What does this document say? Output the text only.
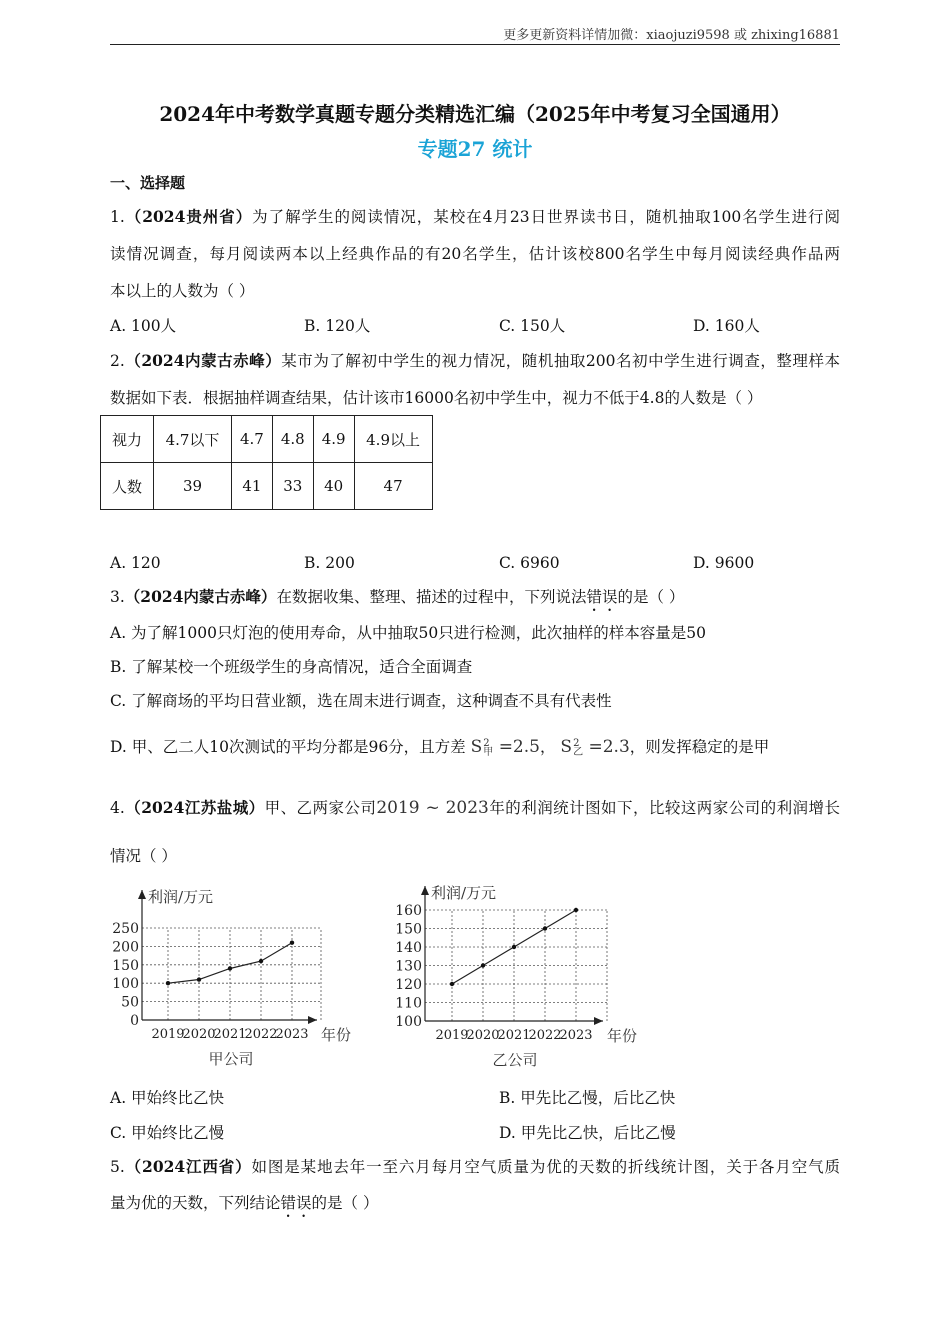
更多更新资料详情加微：xiaojuzi9598 或 zhixing16881
2024年中考数学真题专题分类精选汇编（2025年中考复习全国通用）
专题27 统计
一、选择题
1.（2024贵州省）为了解学生的阅读情况，某校在4月23日世界读书日，随机抽取100名学生进行阅
读情况调查，每月阅读两本以上经典作品的有20名学生，估计该校800名学生中每月阅读经典作品两
本以上的人数为（ ）
A. 100人	B. 120人	C. 150人	D. 160人
2.（2024内蒙古赤峰）某市为了解初中学生的视力情况，随机抽取200名初中学生进行调查，整理样本
数据如下表．根据抽样调查结果，估计该市16000名初中学生中，视力不低于4.8的人数是（ ）
视力	4.7以下	4.7	4.8	4.9	4.9以上
人数	39	41	33	40	47
A. 120	B. 200	C. 6960	D. 9600
3.（2024内蒙古赤峰）在数据收集、整理、描述的过程中，下列说法错误的是（ ）
A. 为了解1000只灯泡的使用寿命，从中抽取50只进行检测，此次抽样的样本容量是50
B. 了解某校一个班级学生的身高情况，适合全面调查
C. 了解商场的平均日营业额，选在周末进行调查，这种调查不具有代表性
D. 甲、乙二人10次测试的平均分都是96分，且方差 S 2
甲 =2.5， S 2
乙 =2.3，则发挥稳定的是甲
4.（2024江苏盐城）甲、乙两家公司2019 ~ 2023年的利润统计图如下，比较这两家公司的利润增长
情况（ ）
0
50
100
150
200
250
2019
2020
2021
2022
2023
利润/万元
年份
甲公司
100
110
120
130
140
150
160
2019
2020
2021
2022
2023
利润/万元
年份
乙公司
A. 甲始终比乙快	B. 甲先比乙慢，后比乙快
C. 甲始终比乙慢	D. 甲先比乙快，后比乙慢
5.（2024江西省）如图是某地去年一至六月每月空气质量为优的天数的折线统计图，关于各月空气质
量为优的天数，下列结论错误的是（ ）
